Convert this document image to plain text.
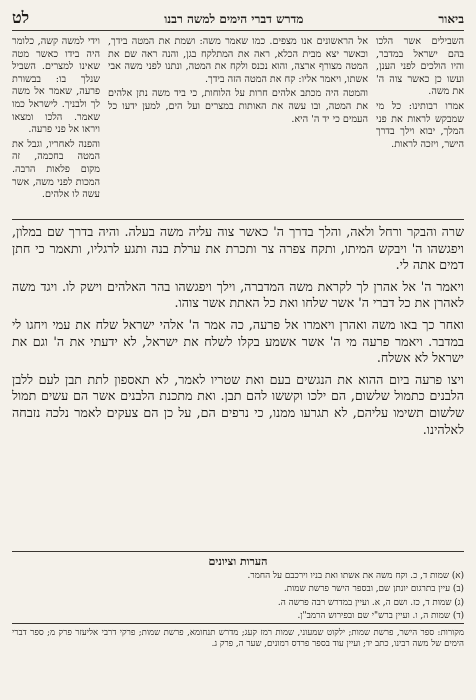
ביאור
מדרש דברי הימים למשה רבנו
לט

השבילים אשר הלכו בהם ישראל במדבר, והיו הולכים לפני הענן, ועשו כן כאשר צוה ה' את משה.

אמרו רבותינו: כל מי שמבקש לראות את פני המלך, יבוא וילך בדרך הישר, ויזכה לראות.

אל הראשונים אנו מצפים. כמו שאמר משה: ושמת את המטה בידך, וכאשר יצא מבית הכלא, ראה את המתלקח בגן, והנה ראה שם את המטה מצורף ארצה, והוא נכנס ולקח את המטה, ונתנו לפני משה אבי אשתו, ויאמר אליו: קח את המטה הזה בידך.

והמטה היה מכתב אלהים חרות על הלוחות, כי ביד משה נתן אלהים את המטה, ובו עשה את האותות במצרים ועל הים, למען ידעו כל העמים כי יד ה' היא.

וידי למשה קשה, כלומר היה בידו כאשר מטה שאינו למצרים. השביל שנלך בו: בבשורת פרעה, שאמר אל משה לך ולבניך. לישראל כמו שאמר. הלכו ומצאו ויראו אל פני פרעה.

והפנה לאחריו, וגבל את המטה בחכמה, זה מקום פלאות הרבה. המכות לפני משה, אשר עשה לו אלהים.

שרה והבקר ורחל ולאה, והלך בדרך ה' כאשר צוה עליה משה בעלה. והיה בדרך שם במלון, ויפגשהו ה' ויבקש המיתו, ותקח צפרה צר ותכרת את ערלת בנה ותגע לרגליו, ותאמר כי חתן דמים אתה לי.

ויאמר ה' אל אהרן לך לקראת משה המדברה, וילך ויפגשהו בהר האלהים וישק לו. ויגד משה לאהרן את כל דברי ה' אשר שלחו ואת כל האתת אשר צוהו.

ואחר כך באו משה ואהרן ויאמרו אל פרעה, כה אמר ה' אלהי ישראל שלח את עמי ויחגו לי במדבר. ויאמר פרעה מי ה' אשר אשמע בקלו לשלח את ישראל, לא ידעתי את ה' וגם את ישראל לא אשלח.

ויצו פרעה ביום ההוא את הנגשים בעם ואת שטריו לאמר, לא תאספון לתת תבן לעם ללבן הלבנים כתמול שלשום, הם ילכו וקששו להם תבן. ואת מתכנת הלבנים אשר הם עשים תמול שלשום תשימו עליהם, לא תגרעו ממנו, כי נרפים הם, על כן הם צעקים לאמר נלכה נזבחה לאלהינו.

הערות וציונים

(א) שמות ד, כ. וקח משה את אשתו ואת בניו וירכבם על החמר.

(ב) עיין בתרגום יונתן שם, ובספר הישר פרשת שמות.

(ג) שמות ד, כז. ושם ה, א. ועיין במדרש רבה פרשה ה.

(ד) שמות ה, ו. ועיין ברש"י שם ובפירוש הרמב"ן.

מקורות: ספר הישר, פרשת שמות; ילקוט שמעוני, שמות רמז קעג; מדרש תנחומא, פרשת שמות; פרקי דרבי אליעזר פרק מ; ספר דברי הימים של משה רבינו, כתב יד; ועיין עוד בספר פרדס רמונים, שער ה, פרק ג.
